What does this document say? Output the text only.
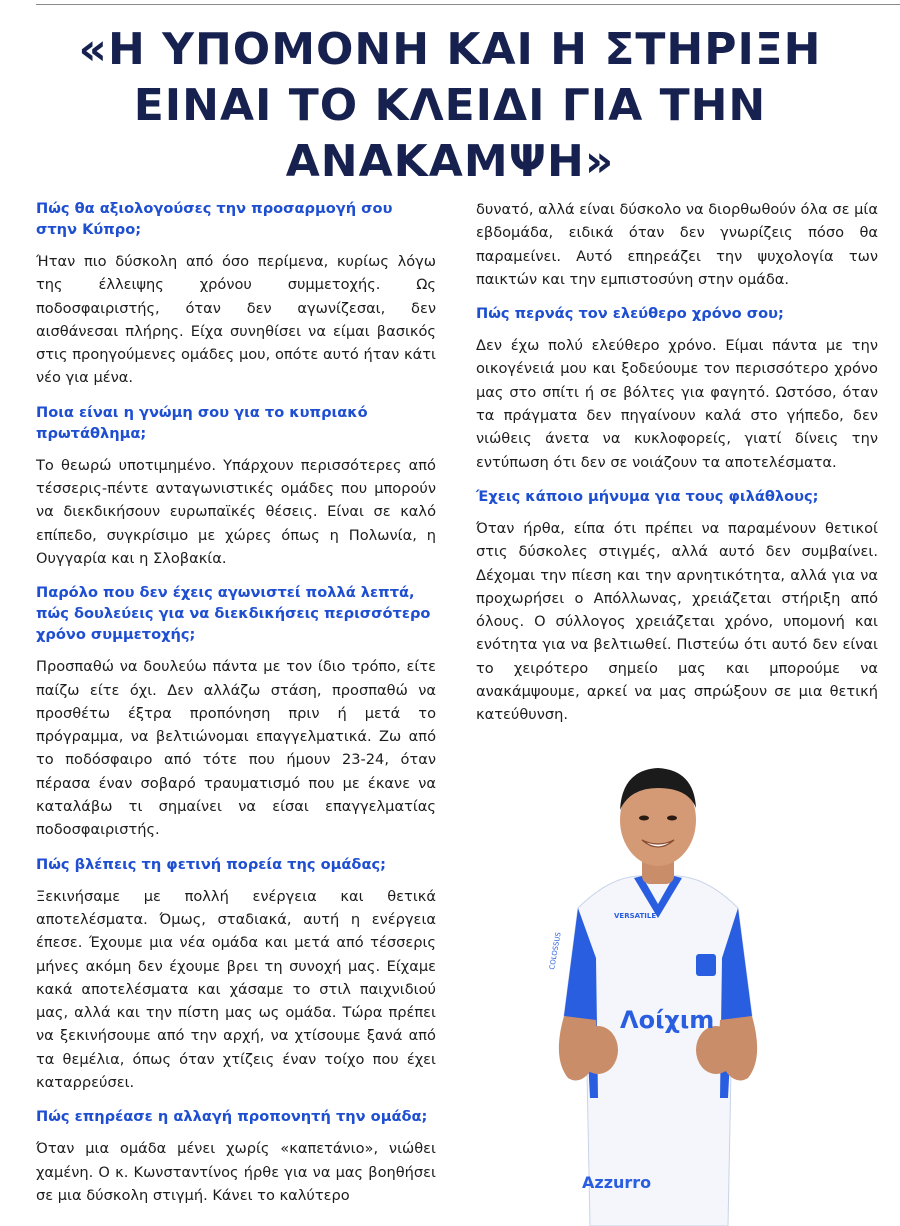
«Η ΥΠΟΜΟΝΗ ΚΑΙ Η ΣΤΗΡΙΞΗ ΕΙΝΑΙ ΤΟ ΚΛΕΙΔΙ ΓΙΑ ΤΗΝ ΑΝΑΚΑΜΨΗ»

Πώς θα αξιολογούσες την προσαρμογή σου στην Κύπρο;

Ήταν πιο δύσκολη από όσο περίμενα, κυρίως λόγω της έλλειψης χρόνου συμμετοχής. Ως ποδοσφαιριστής, όταν δεν αγωνίζεσαι, δεν αισθάνεσαι πλήρης. Είχα συνηθίσει να είμαι βασικός στις προηγούμενες ομάδες μου, οπότε αυτό ήταν κάτι νέο για μένα.

Ποια είναι η γνώμη σου για το κυπριακό πρωτάθλημα;

Το θεωρώ υποτιμημένο. Υπάρχουν περισσότερες από τέσσερις-πέντε ανταγωνιστικές ομάδες που μπορούν να διεκδικήσουν ευρωπαϊκές θέσεις. Είναι σε καλό επίπεδο, συγκρίσιμο με χώρες όπως η Πολωνία, η Ουγγαρία και η Σλοβακία.

Παρόλο που δεν έχεις αγωνιστεί πολλά λεπτά, πώς δουλεύεις για να διεκδικήσεις περισσότερο χρόνο συμμετοχής;

Προσπαθώ να δουλεύω πάντα με τον ίδιο τρόπο, είτε παίζω είτε όχι. Δεν αλλάζω στάση, προσπαθώ να προσθέτω έξτρα προπόνηση πριν ή μετά το πρόγραμμα, να βελτιώνομαι επαγγελματικά. Ζω από το ποδόσφαιρο από τότε που ήμουν 23-24, όταν πέρασα έναν σοβαρό τραυματισμό που με έκανε να καταλάβω τι σημαίνει να είσαι επαγγελματίας ποδοσφαιριστής.

Πώς βλέπεις τη φετινή πορεία της ομάδας;

Ξεκινήσαμε με πολλή ενέργεια και θετικά αποτελέσματα. Όμως, σταδιακά, αυτή η ενέργεια έπεσε. Έχουμε μια νέα ομάδα και μετά από τέσσερις μήνες ακόμη δεν έχουμε βρει τη συνοχή μας. Είχαμε κακά αποτελέσματα και χάσαμε το στιλ παιχνιδιού μας, αλλά και την πίστη μας ως ομάδα. Τώρα πρέπει να ξεκινήσουμε από την αρχή, να χτίσουμε ξανά από τα θεμέλια, όπως όταν χτίζεις έναν τοίχο που έχει καταρρεύσει.

Πώς επηρέασε η αλλαγή προπονητή την ομάδα;

Όταν μια ομάδα μένει χωρίς «καπετάνιο», νιώθει χαμένη. Ο κ. Κωνσταντίνος ήρθε για να μας βοηθήσει σε μια δύσκολη στιγμή. Κάνει το καλύτερο

δυνατό, αλλά είναι δύσκολο να διορθωθούν όλα σε μία εβδομάδα, ειδικά όταν δεν γνωρίζεις πόσο θα παραμείνει. Αυτό επηρεάζει την ψυχολογία των παικτών και την εμπιστοσύνη στην ομάδα.

Πώς περνάς τον ελεύθερο χρόνο σου;

Δεν έχω πολύ ελεύθερο χρόνο. Είμαι πάντα με την οικογένειά μου και ξοδεύουμε τον περισσότερο χρόνο μας στο σπίτι ή σε βόλτες για φαγητό. Ωστόσο, όταν τα πράγματα δεν πηγαίνουν καλά στο γήπεδο, δεν νιώθεις άνετα να κυκλοφορείς, γιατί δίνεις την εντύπωση ότι δεν σε νοιάζουν τα αποτελέσματα.

Έχεις κάποιο μήνυμα για τους φιλάθλους;

Όταν ήρθα, είπα ότι πρέπει να παραμένουν θετικοί στις δύσκολες στιγμές, αλλά αυτό δεν συμβαίνει. Δέχομαι την πίεση και την αρνητικότητα, αλλά για να προχωρήσει ο Απόλλωνας, χρειάζεται στήριξη από όλους. Ο σύλλογος χρειάζεται χρόνο, υπομονή και ενότητα για να βελτιωθεί. Πιστεύω ότι αυτό δεν είναι το χειρότερο σημείο μας και μπορούμε να ανακάμψουμε, αρκεί να μας σπρώξουν σε μια θετική κατεύθυνση.

VERSATILE
COLOSSUS
Λοίχιm
Azzurro
